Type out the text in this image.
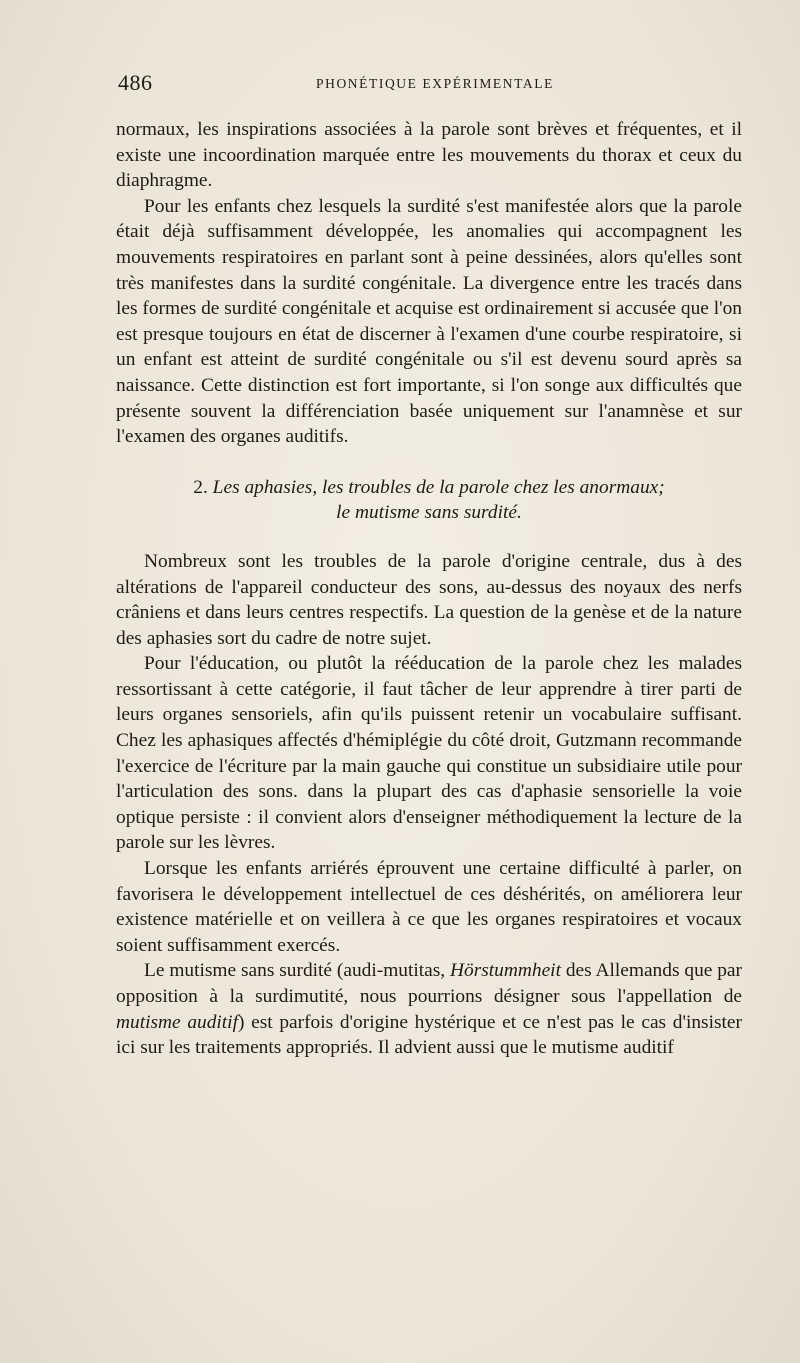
486	PHONÉTIQUE EXPÉRIMENTALE

normaux, les inspirations associées à la parole sont brèves et fréquentes, et il existe une incoordination marquée entre les mouvements du thorax et ceux du diaphragme.

Pour les enfants chez lesquels la surdité s'est manifestée alors que la parole était déjà suffisamment développée, les anomalies qui accompagnent les mouvements respiratoires en parlant sont à peine dessinées, alors qu'elles sont très manifestes dans la surdité congénitale. La divergence entre les tracés dans les formes de surdité congénitale et acquise est ordinairement si accusée que l'on est presque toujours en état de discerner à l'examen d'une courbe respiratoire, si un enfant est atteint de surdité congénitale ou s'il est devenu sourd après sa naissance. Cette distinction est fort importante, si l'on songe aux difficultés que présente souvent la différenciation basée uniquement sur l'anamnèse et sur l'examen des organes auditifs.

2. Les aphasies, les troubles de la parole chez les anormaux;
le mutisme sans surdité.

Nombreux sont les troubles de la parole d'origine centrale, dus à des altérations de l'appareil conducteur des sons, au-dessus des noyaux des nerfs crâniens et dans leurs centres respectifs. La question de la genèse et de la nature des aphasies sort du cadre de notre sujet.

Pour l'éducation, ou plutôt la rééducation de la parole chez les malades ressortissant à cette catégorie, il faut tâcher de leur apprendre à tirer parti de leurs organes sensoriels, afin qu'ils puissent retenir un vocabulaire suffisant. Chez les aphasiques affectés d'hémiplégie du côté droit, Gutzmann recommande l'exercice de l'écriture par la main gauche qui constitue un subsidiaire utile pour l'articulation des sons. dans la plupart des cas d'aphasie sensorielle la voie optique persiste : il convient alors d'enseigner méthodiquement la lecture de la parole sur les lèvres.

Lorsque les enfants arriérés éprouvent une certaine difficulté à parler, on favorisera le développement intellectuel de ces déshérités, on améliorera leur existence matérielle et on veillera à ce que les organes respiratoires et vocaux soient suffisamment exercés.

Le mutisme sans surdité (audi-mutitas, Hörstummheit des Allemands que par opposition à la surdimutité, nous pourrions désigner sous l'appellation de mutisme auditif) est parfois d'origine hystérique et ce n'est pas le cas d'insister ici sur les traitements appropriés. Il advient aussi que le mutisme auditif
